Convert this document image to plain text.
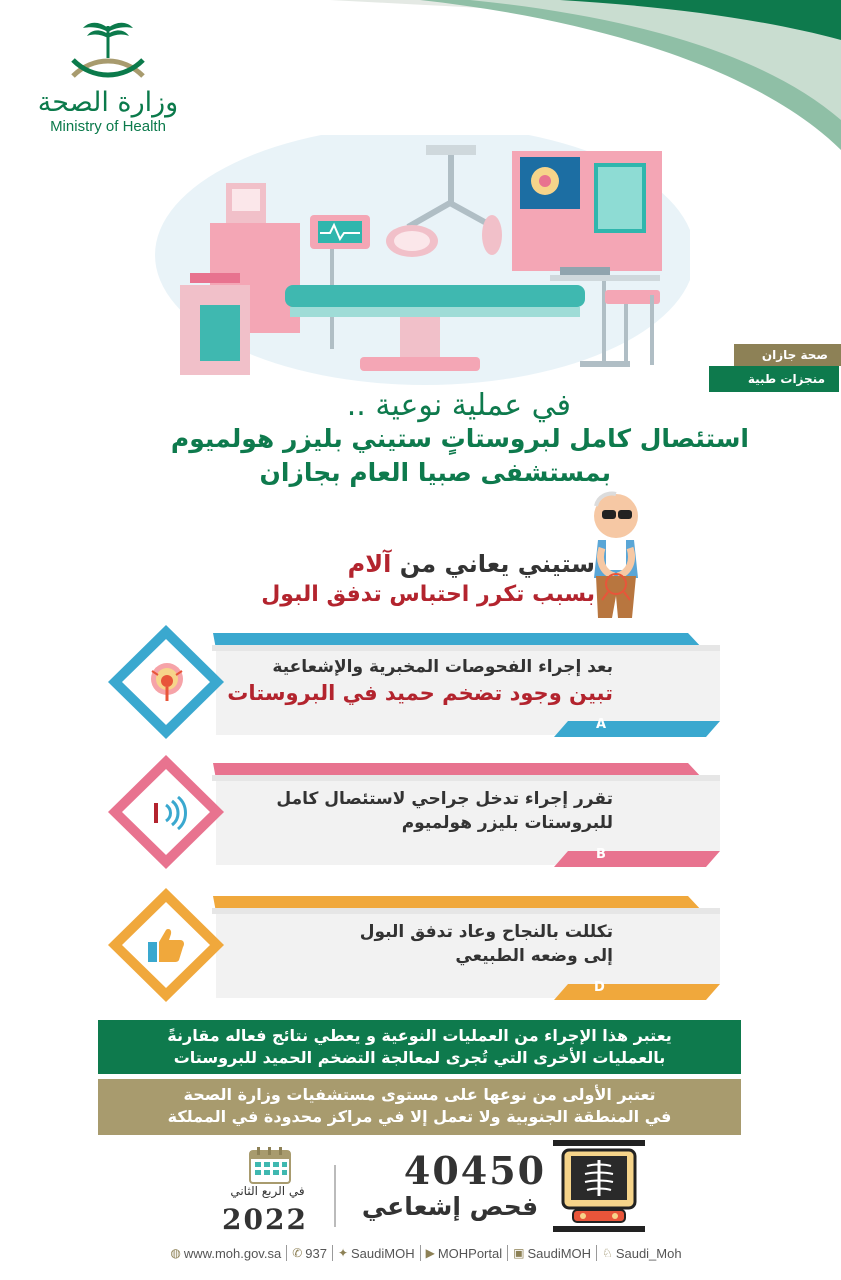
وزارة الصحة
Ministry of Health
صحة جازان
منجزات طبية
في عملية نوعية ..
استئصال كامل لبروستاتٍ ستيني بليزر هولميوم
بمستشفى صبيا العام بجازان
ستيني يعاني من آلام
بسبب تكرر احتباس تدفق البول
بعد إجراء الفحوصات المخبرية والإشعاعية
تبين وجود تضخم حميد في البروستات
A
تقرر إجراء تدخل جراحي لاستئصال كامل
للبروستات بليزر هولميوم
B
تكللت بالنجاح وعاد تدفق البول
إلى وضعه الطبيعي
D
يعتبر هذا الإجراء من العمليات النوعية و يعطي نتائج فعاله مقارنةً
بالعمليات الأخرى التي تُجرى لمعالجة التضخم الحميد للبروستات
تعتبر الأولى من نوعها على مستوى مستشفيات وزارة الصحة
في المنطقة الجنوبية ولا تعمل إلا في مراكز محدودة في المملكة
في الربع الثاني
2022
40450
فحص إشعاعي
◍ www.moh.gov.sa ✆ 937 ✦ SaudiMOH ▶ MOHPortal ▣ SaudiMOH ♘ Saudi_Moh
